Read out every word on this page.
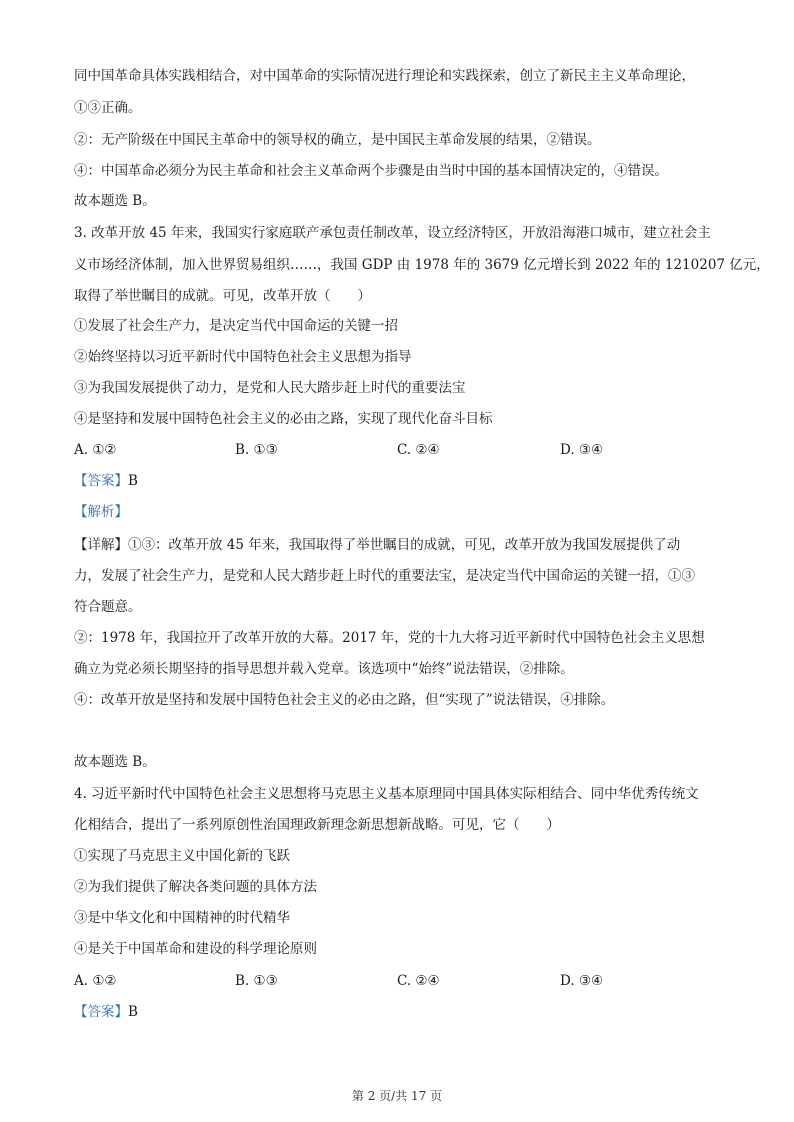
同中国革命具体实践相结合，对中国革命的实际情况进行理论和实践探索，创立了新民主主义革命理论，
①③正确。
②：无产阶级在中国民主革命中的领导权的确立，是中国民主革命发展的结果，②错误。
④：中国革命必须分为民主革命和社会主义革命两个步骤是由当时中国的基本国情决定的，④错误。
故本题选 B。
3. 改革开放 45 年来，我国实行家庭联产承包责任制改革，设立经济特区，开放沿海港口城市，建立社会主
义市场经济体制，加入世界贸易组织……，我国 GDP 由 1978 年的 3679 亿元增长到 2022 年的 1210207 亿元，
取得了举世瞩目的成就。可见，改革开放（　　）
①发展了社会生产力，是决定当代中国命运的关键一招
②始终坚持以习近平新时代中国特色社会主义思想为指导
③为我国发展提供了动力，是党和人民大踏步赶上时代的重要法宝
④是坚持和发展中国特色社会主义的必由之路，实现了现代化奋斗目标
A. ①②	B. ①③	C. ②④	D. ③④
【答案】B
【解析】
【详解】①③：改革开放 45 年来，我国取得了举世瞩目的成就，可见，改革开放为我国发展提供了动
力，发展了社会生产力，是党和人民大踏步赶上时代的重要法宝，是决定当代中国命运的关键一招，①③
符合题意。
②：1978 年，我国拉开了改革开放的大幕。2017 年，党的十九大将习近平新时代中国特色社会主义思想
确立为党必须长期坚持的指导思想并载入党章。该选项中“始终”说法错误，②排除。
④：改革开放是坚持和发展中国特色社会主义的必由之路，但“实现了”说法错误，④排除。
故本题选 B。
4. 习近平新时代中国特色社会主义思想将马克思主义基本原理同中国具体实际相结合、同中华优秀传统文
化相结合，提出了一系列原创性治国理政新理念新思想新战略。可见，它（　　）
①实现了马克思主义中国化新的飞跃
②为我们提供了解决各类问题的具体方法
③是中华文化和中国精神的时代精华
④是关于中国革命和建设的科学理论原则
A. ①②	B. ①③	C. ②④	D. ③④
【答案】B
第 2 页/共 17 页
